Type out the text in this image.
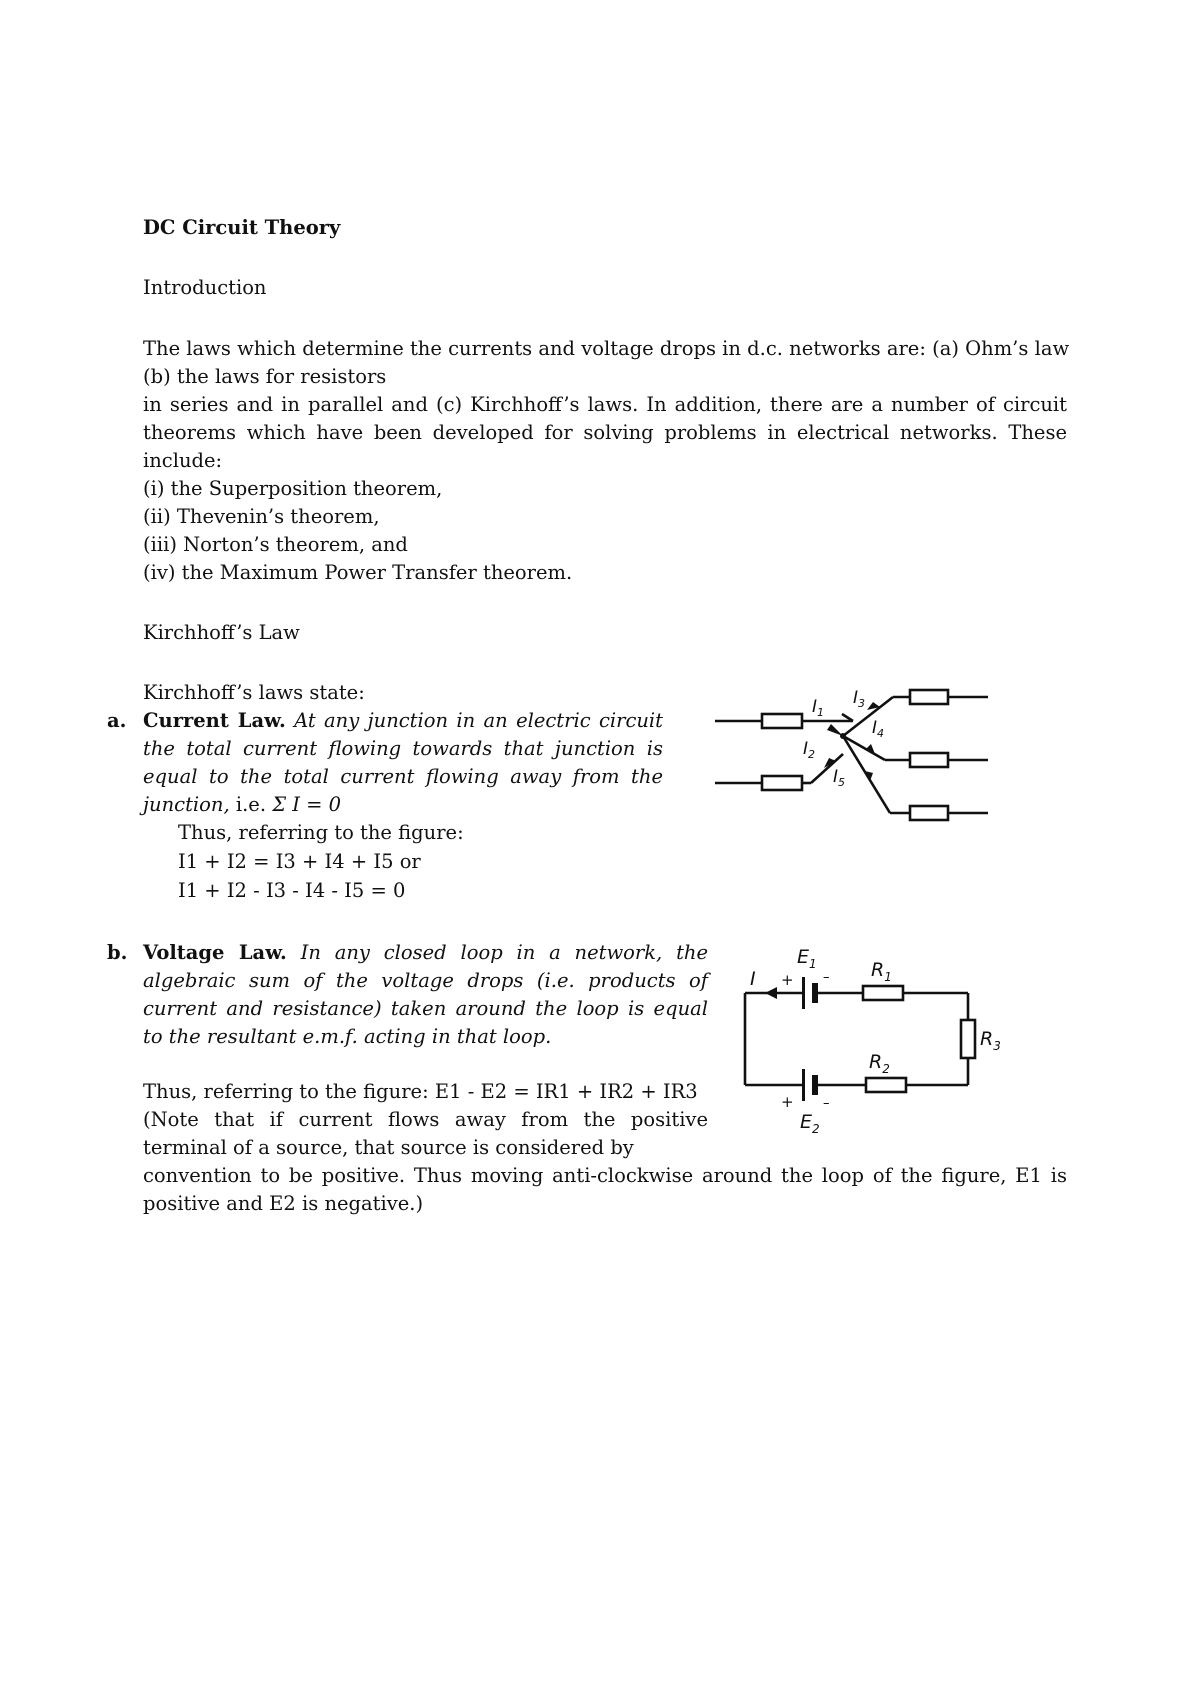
DC Circuit Theory
Introduction
The laws which determine the currents and voltage drops in d.c. networks are: (a) Ohm’s law
(b) the laws for resistors
in series and in parallel and (c) Kirchhoff’s laws. In addition, there are a number of circuit theorems which have been developed for solving problems in electrical networks. These include:
(i) the Superposition theorem,
(ii) Thevenin’s theorem,
(iii) Norton’s theorem, and
(iv) the Maximum Power Transfer theorem.
Kirchhoff’s Law
Kirchhoff’s laws state:
a. Current Law. At any junction in an electric circuit the total current flowing towards that junction is equal to the total current flowing away from the junction, i.e. Σ I = 0
Thus, referring to the figure:
I1 + I2 = I3 + I4 + I5 or
I1 + I2 - I3 - I4 - I5 = 0
$I_1$
$I_2$
$I_3$
$I_4$
$I_5$
b. Voltage Law. In any closed loop in a network, the algebraic sum of the voltage drops (i.e. products of current and resistance) taken around the loop is equal to the resultant e.m.f. acting in that loop.
Thus, referring to the figure: E1 - E2 = IR1 + IR2 + IR3
(Note that if current flows away from the positive terminal of a source, that source is considered by
convention to be positive. Thus moving anti-clockwise around the loop of the figure, E1 is positive and E2 is negative.)
$E_1$	$R_1$
$R_3$
$R_2$
$E_2$
I + –
+ –
